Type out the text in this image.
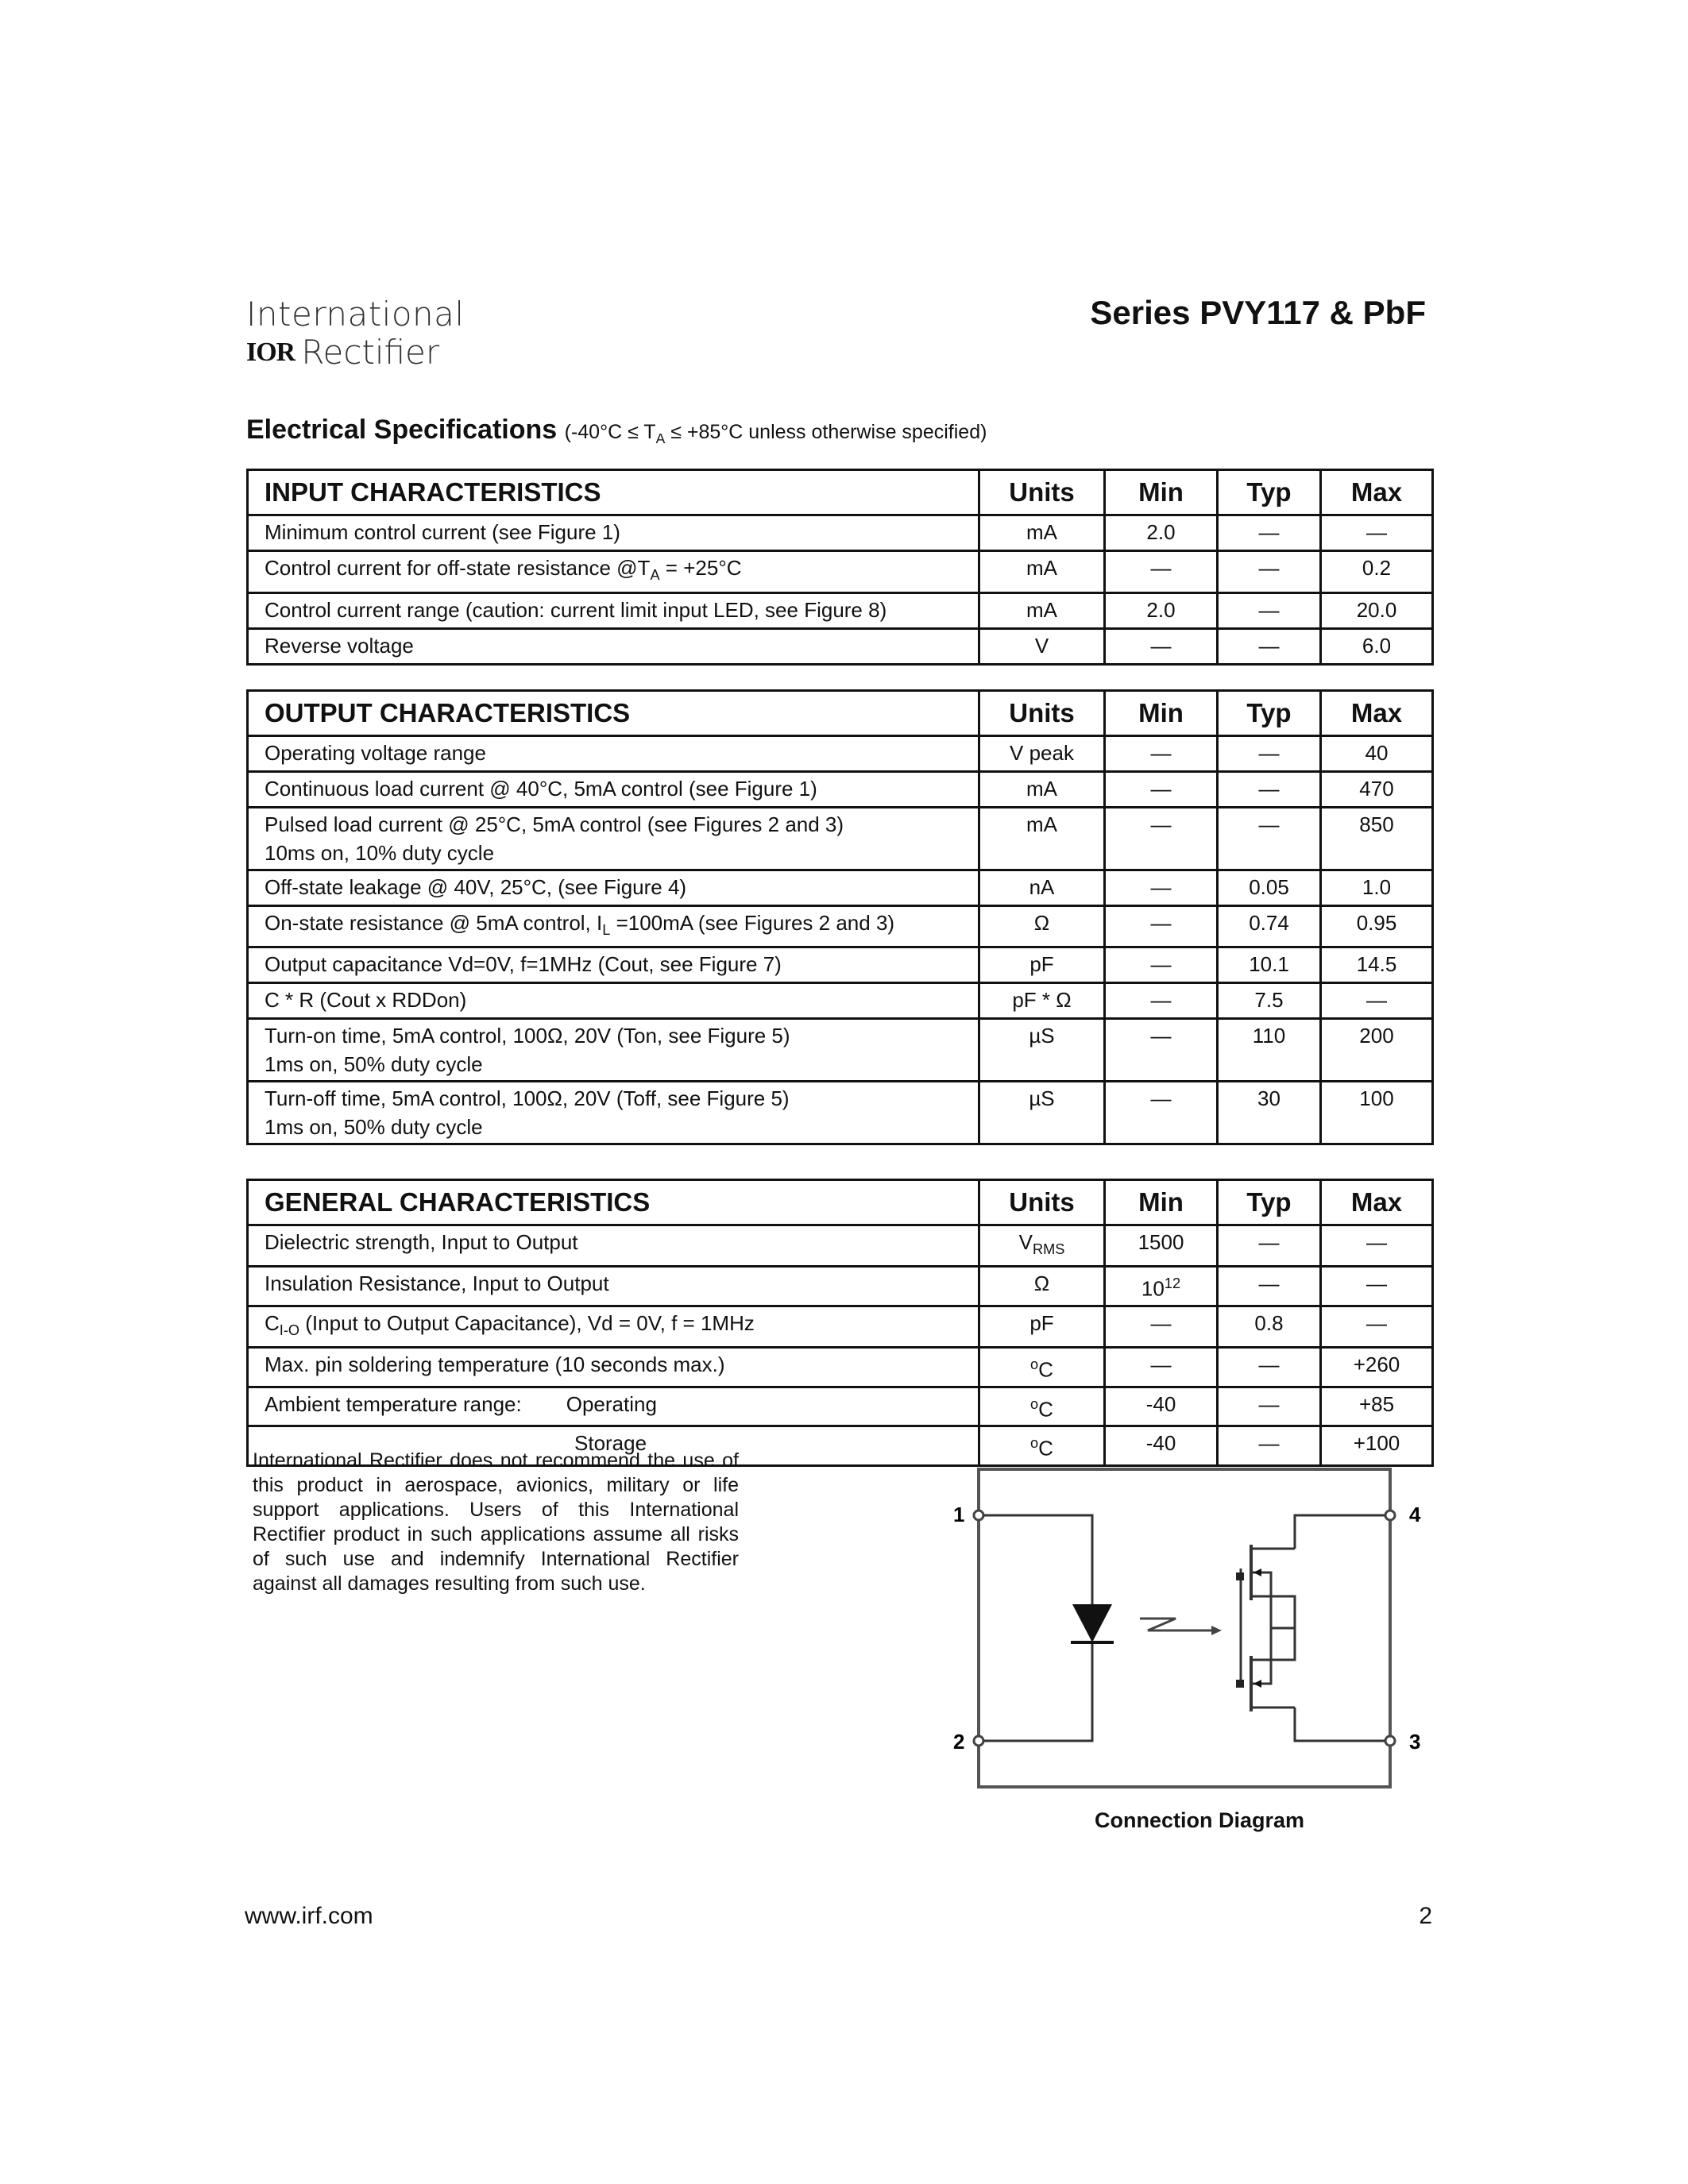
International
IOR Rectifier
Series PVY117 & PbF
Electrical Specifications ($-40^\circ C \le T_A \le +85^\circ C$ unless otherwise specified)
INPUT CHARACTERISTICS	Units	Min	Typ	Max
Minimum control current (see Figure 1)	mA	2.0	—	—
Control current for off-state resistance $@T_A = +25^\circ C$	mA	—	—	0.2
Control current range (caution: current limit input LED, see Figure 8)	mA	2.0	—	20.0
Reverse voltage	V	—	—	6.0
OUTPUT CHARACTERISTICS	Units	Min	Typ	Max
Operating voltage range	V peak	—	—	40
Continuous load current @ 40°C, 5mA control (see Figure 1)	mA	—	—	470

Pulsed load current @ 25°C, 5mA control (see Figures 2 and 3)
10ms on, 10% duty cycle	mA	—	—	850
Off-state leakage @ 40V, 25°C, (see Figure 4)	nA	—	0.05	1.0
On-state resistance @ 5mA control, $I_L =100mA$ (see Figures 2 and 3)	Ω	—	0.74	0.95
Output capacitance Vd=0V, f=1MHz (Cout, see Figure 7)	pF	—	10.1	14.5
C * R (Cout x RDDon)	pF * Ω	—	7.5	—

Turn-on time, 5mA control, 100Ω, 20V (Ton, see Figure 5)
1ms on, 50% duty cycle	µS	—	110	200

Turn-off time, 5mA control, 100Ω, 20V (Toff, see Figure 5)
1ms on, 50% duty cycle	µS	—	30	100
GENERAL CHARACTERISTICS	Units	Min	Typ	Max
Dielectric strength, Input to Output	$V_{RMS}$	1500	—	—
Insulation Resistance, Input to Output	Ω	$10^{12}$	—	—
$C_{I-O}$ (Input to Output Capacitance), Vd = 0V, f = 1MHz	pF	—	0.8	—
Max. pin soldering temperature (10 seconds max.)	$^o$C	—	—	+260
Ambient temperature range: Operating	$^o$C	-40	—	+85
Storage	$^o$C	-40	—	+100
International Rectifier does not recommend the use of this product in aerospace, avionics, military or life support applications. Users of this International Rectifier product in such applications assume all risks of such use and indemnify International Rectifier against all damages resulting from such use.
1
2	3
4
Connection Diagram
www.irf.com	2
